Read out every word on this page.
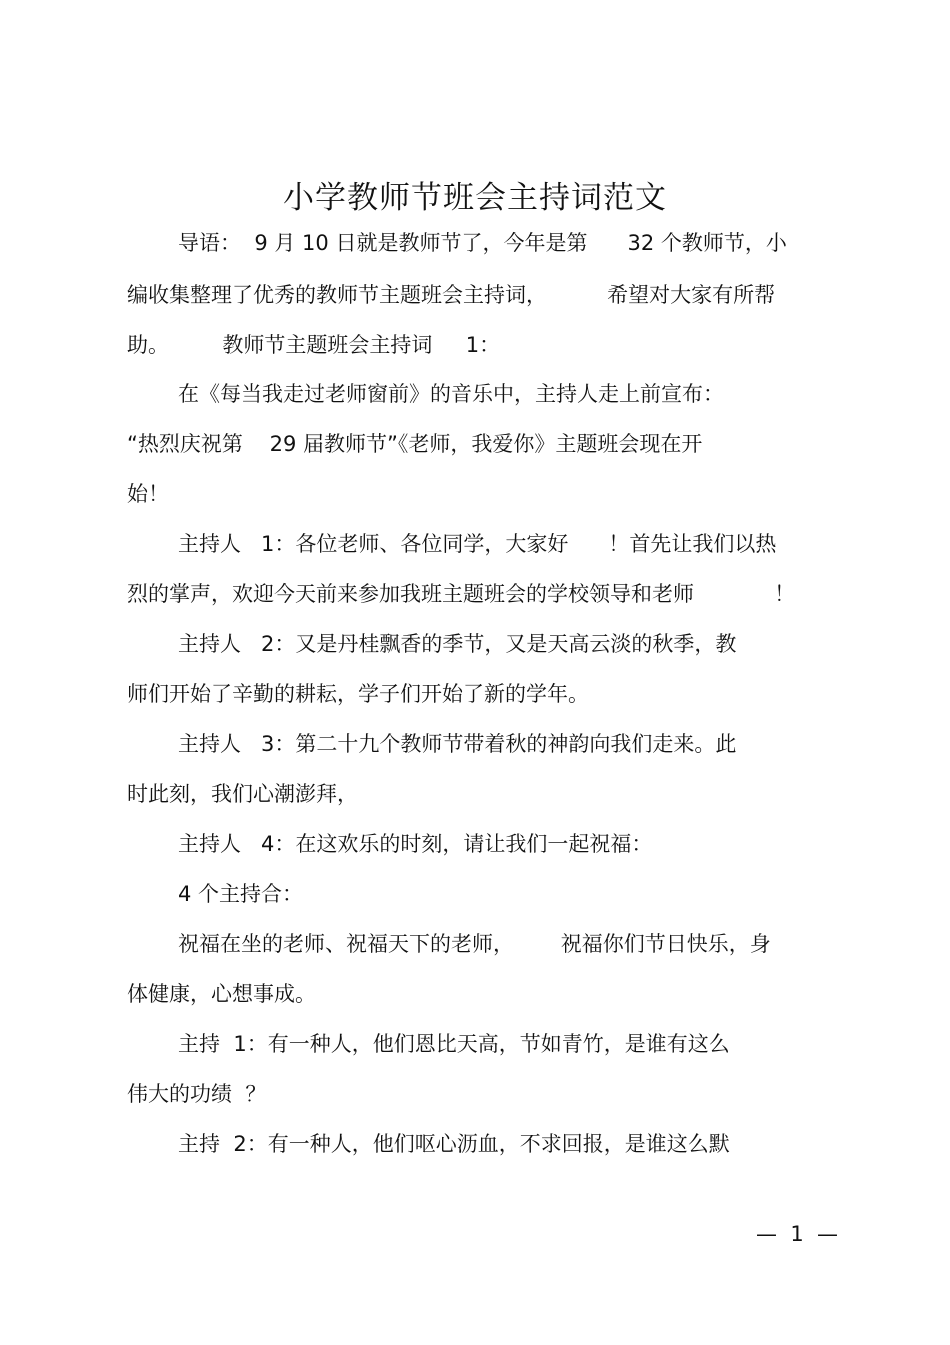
小学教师节班会主持词范文
导语：  9 月 10 日就是教师节了，今年是第      32 个教师节，小
编收集整理了优秀的教师节主题班会主持词，         希望对大家有所帮
助。        教师节主题班会主持词     1：
在《每当我走过老师窗前》的音乐中，主持人走上前宣布：
“热烈庆祝第    29 届教师节”《老师，我爱你》主题班会现在开
始！
主持人   1：各位老师、各位同学，大家好      ！首先让我们以热
烈的掌声，欢迎今天前来参加我班主题班会的学校领导和老师            ！
主持人   2：又是丹桂飘香的季节，又是天高云淡的秋季，教
师们开始了辛勤的耕耘，学子们开始了新的学年。
主持人   3：第二十九个教师节带着秋的神韵向我们走来。此
时此刻，我们心潮澎拜，
主持人   4：在这欢乐的时刻，请让我们一起祝福：
4 个主持合：
祝福在坐的老师、祝福天下的老师，       祝福你们节日快乐，身
体健康，心想事成。
主持  1：有一种人，他们恩比天高，节如青竹，是谁有这么
伟大的功绩  ？
主持  2：有一种人，他们呕心沥血，不求回报，是谁这么默
—  1  —
